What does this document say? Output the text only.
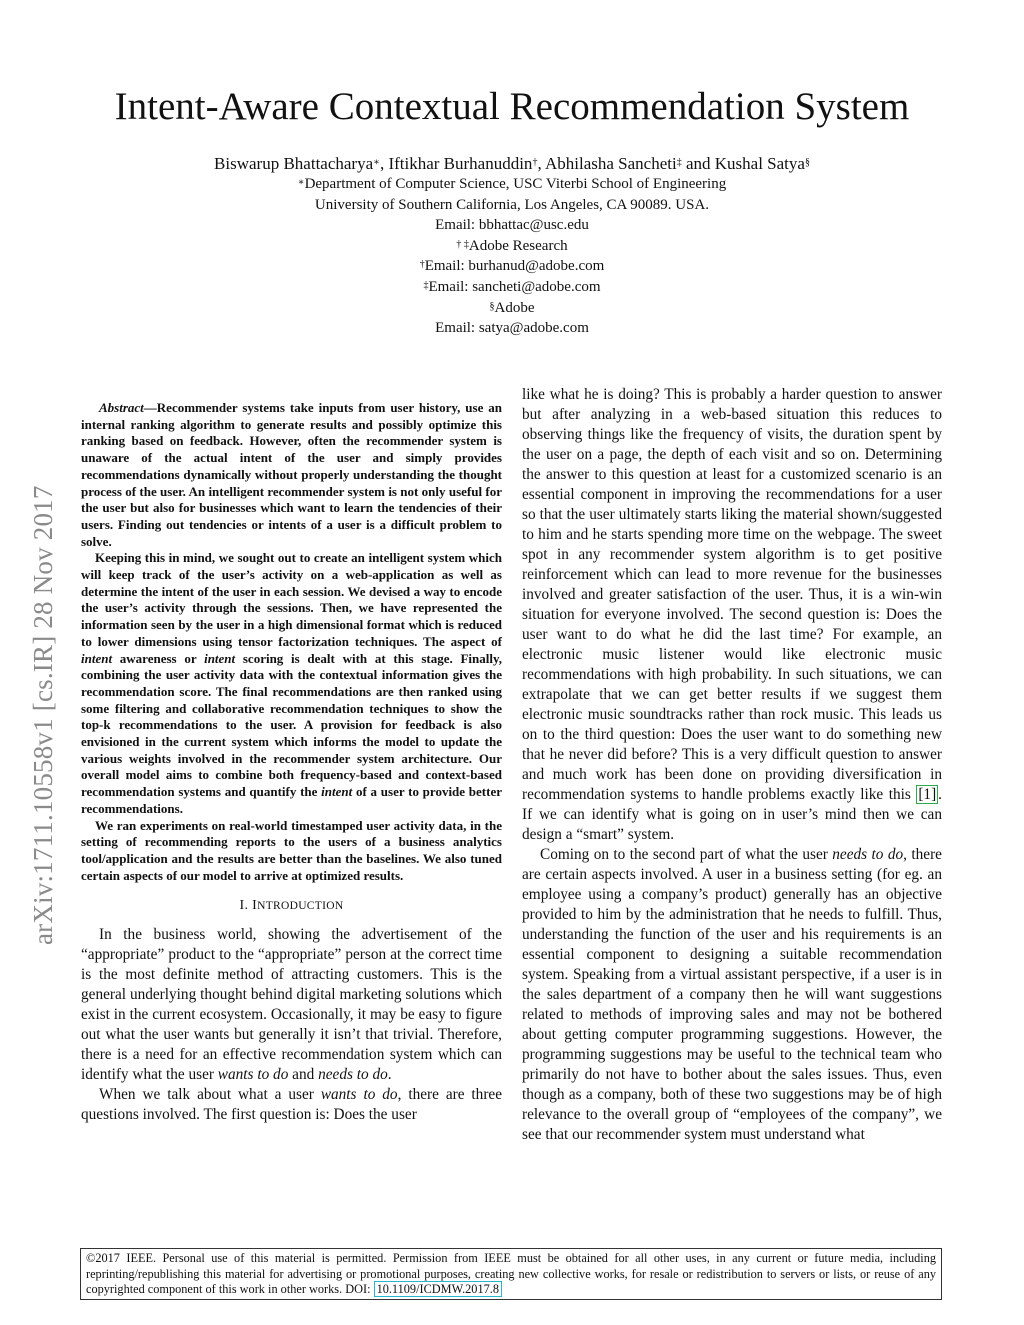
arXiv:1711.10558v1 [cs.IR] 28 Nov 2017
Intent-Aware Contextual Recommendation System
Biswarup Bhattacharya∗, Iftikhar Burhanuddin†, Abhilasha Sancheti‡ and Kushal Satya§
∗Department of Computer Science, USC Viterbi School of Engineering
University of Southern California, Los Angeles, CA 90089. USA.
Email: bbhattac@usc.edu
† ‡Adobe Research
†Email: burhanud@adobe.com
‡Email: sancheti@adobe.com
§Adobe
Email: satya@adobe.com

Abstract—Recommender systems take inputs from user history, use an internal ranking algorithm to generate results and possibly optimize this ranking based on feedback. However, often the recommender system is unaware of the actual intent of the user and simply provides recommendations dynamically without properly understanding the thought process of the user. An intelligent recommender system is not only useful for the user but also for businesses which want to learn the tendencies of their users. Finding out tendencies or intents of a user is a difficult problem to solve.

Keeping this in mind, we sought out to create an intelligent system which will keep track of the user’s activity on a web-application as well as determine the intent of the user in each session. We devised a way to encode the user’s activity through the sessions. Then, we have represented the information seen by the user in a high dimensional format which is reduced to lower dimensions using tensor factorization techniques. The aspect of intent awareness or intent scoring is dealt with at this stage. Finally, combining the user activity data with the contextual information gives the recommendation score. The final recommendations are then ranked using some filtering and collaborative recommendation techniques to show the top-k recommendations to the user. A provision for feedback is also envisioned in the current system which informs the model to update the various weights involved in the recommender system architecture. Our overall model aims to combine both frequency-based and context-based recommendation systems and quantify the intent of a user to provide better recommendations.

We ran experiments on real-world timestamped user activity data, in the setting of recommending reports to the users of a business analytics tool/application and the results are better than the baselines. We also tuned certain aspects of our model to arrive at optimized results.

I. INTRODUCTION

In the business world, showing the advertisement of the “appropriate” product to the “appropriate” person at the correct time is the most definite method of attracting customers. This is the general underlying thought behind digital marketing solutions which exist in the current ecosystem. Occasionally, it may be easy to figure out what the user wants but generally it isn’t that trivial. Therefore, there is a need for an effective recommendation system which can identify what the user wants to do and needs to do.

When we talk about what a user wants to do, there are three questions involved. The first question is: Does the user

like what he is doing? This is probably a harder question to answer but after analyzing in a web-based situation this reduces to observing things like the frequency of visits, the duration spent by the user on a page, the depth of each visit and so on. Determining the answer to this question at least for a customized scenario is an essential component in improving the recommendations for a user so that the user ultimately starts liking the material shown/suggested to him and he starts spending more time on the webpage. The sweet spot in any recommender system algorithm is to get positive reinforcement which can lead to more revenue for the businesses involved and greater satisfaction of the user. Thus, it is a win-win situation for everyone involved. The second question is: Does the user want to do what he did the last time? For example, an electronic music listener would like electronic music recommendations with high probability. In such situations, we can extrapolate that we can get better results if we suggest them electronic music soundtracks rather than rock music. This leads us on to the third question: Does the user want to do something new that he never did before? This is a very difficult question to answer and much work has been done on providing diversification in recommendation systems to handle problems exactly like this [1] . If we can identify what is going on in user’s mind then we can design a “smart” system.

Coming on to the second part of what the user needs to do, there are certain aspects involved. A user in a business setting (for eg. an employee using a company’s product) generally has an objective provided to him by the administration that he needs to fulfill. Thus, understanding the function of the user and his requirements is an essential component to designing a suitable recommendation system. Speaking from a virtual assistant perspective, if a user is in the sales department of a company then he will want suggestions related to methods of improving sales and may not be bothered about getting computer programming suggestions. However, the programming suggestions may be useful to the technical team who primarily do not have to bother about the sales issues. Thus, even though as a company, both of these two suggestions may be of high relevance to the overall group of “employees of the company”, we see that our recommender system must understand what

©2017 IEEE. Personal use of this material is permitted. Permission from IEEE must be obtained for all other uses, in any current or future media, including reprinting/republishing this material for advertising or promotional purposes, creating new collective works, for resale or redistribution to servers or lists, or reuse of any copyrighted component of this work in other works. DOI: 10.1109/ICDMW.2017.8
